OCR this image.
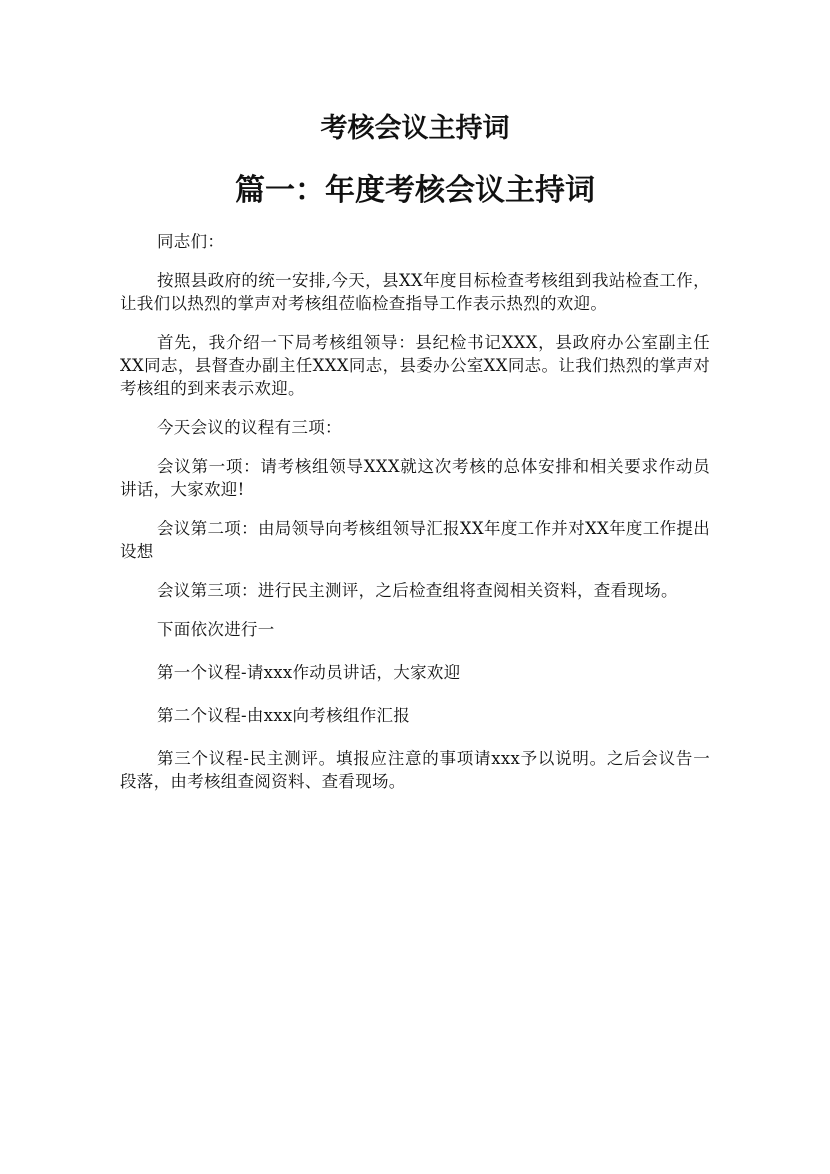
考核会议主持词
篇一：年度考核会议主持词

同志们：

按照县政府的统一安排,今天，县XX年度目标检查考核组到我站检查工作，让我们以热烈的掌声对考核组莅临检查指导工作表示热烈的欢迎。

首先，我介绍一下局考核组领导：县纪检书记XXX，县政府办公室副主任XX同志，县督查办副主任XXX同志，县委办公室XX同志。让我们热烈的掌声对考核组的到来表示欢迎。

今天会议的议程有三项：

会议第一项：请考核组领导XXX就这次考核的总体安排和相关要求作动员讲话，大家欢迎!

会议第二项：由局领导向考核组领导汇报XX年度工作并对XX年度工作提出设想

会议第三项：进行民主测评，之后检查组将查阅相关资料，查看现场。

下面依次进行一

第一个议程-请xxx作动员讲话，大家欢迎

第二个议程-由xxx向考核组作汇报

第三个议程-民主测评。填报应注意的事项请xxx予以说明。之后会议告一段落，由考核组查阅资料、查看现场。
